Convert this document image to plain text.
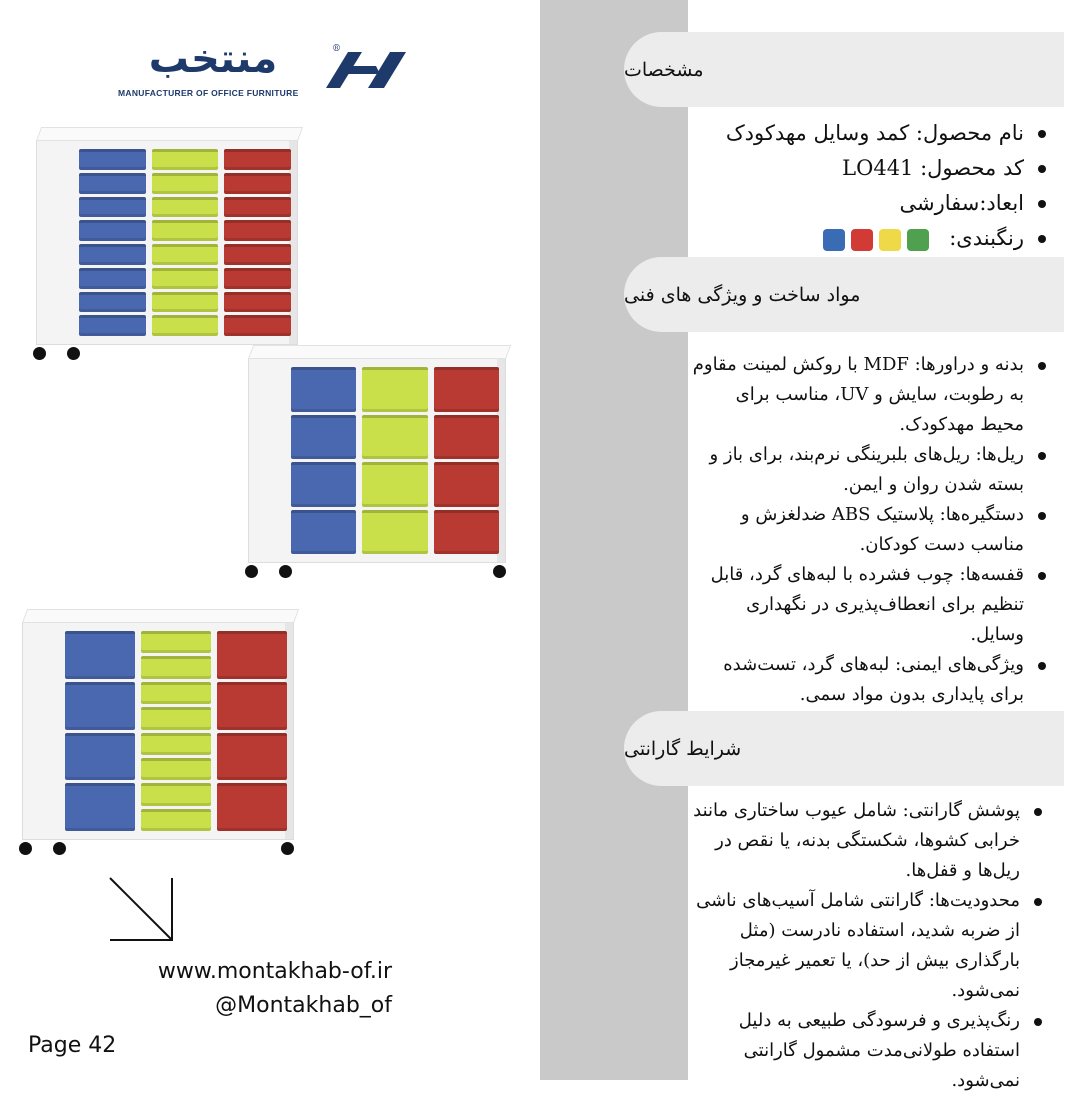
منتخب	®
MANUFACTURER OF OFFICE FURNITURE
www.montakhab-of.ir
@Montakhab_of
Page 42
مشخصات
نام محصول: کمد وسایل مهدکودک
کد محصول: LO441
ابعاد:سفارشی
رنگبندی:
مواد ساخت و ویژگی های فنی
بدنه و دراورها: MDF با روکش لمینت مقاوم به رطوبت، سایش و UV، مناسب برای محیط مهدکودک.
ریل‌ها: ریل‌های بلبرینگی نرم‌بند، برای باز و بسته شدن روان و ایمن.
دستگیره‌ها: پلاستیک ABS ضدلغزش و مناسب دست کودکان.
قفسه‌ها: چوب فشرده با لبه‌های گرد، قابل تنظیم برای انعطاف‌پذیری در نگهداری وسایل.
ویژگی‌های ایمنی: لبه‌های گرد، تست‌شده برای پایداری بدون مواد سمی.
شرایط گارانتی
پوشش گارانتی: شامل عیوب ساختاری مانند خرابی کشوها، شکستگی بدنه، یا نقص در ریل‌ها و قفل‌ها.
محدودیت‌ها: گارانتی شامل آسیب‌های ناشی از ضربه شدید، استفاده نادرست (مثل بارگذاری بیش از حد)، یا تعمیر غیرمجاز نمی‌شود.
رنگ‌پذیری و فرسودگی طبیعی به دلیل استفاده طولانی‌مدت مشمول گارانتی نمی‌شود.
